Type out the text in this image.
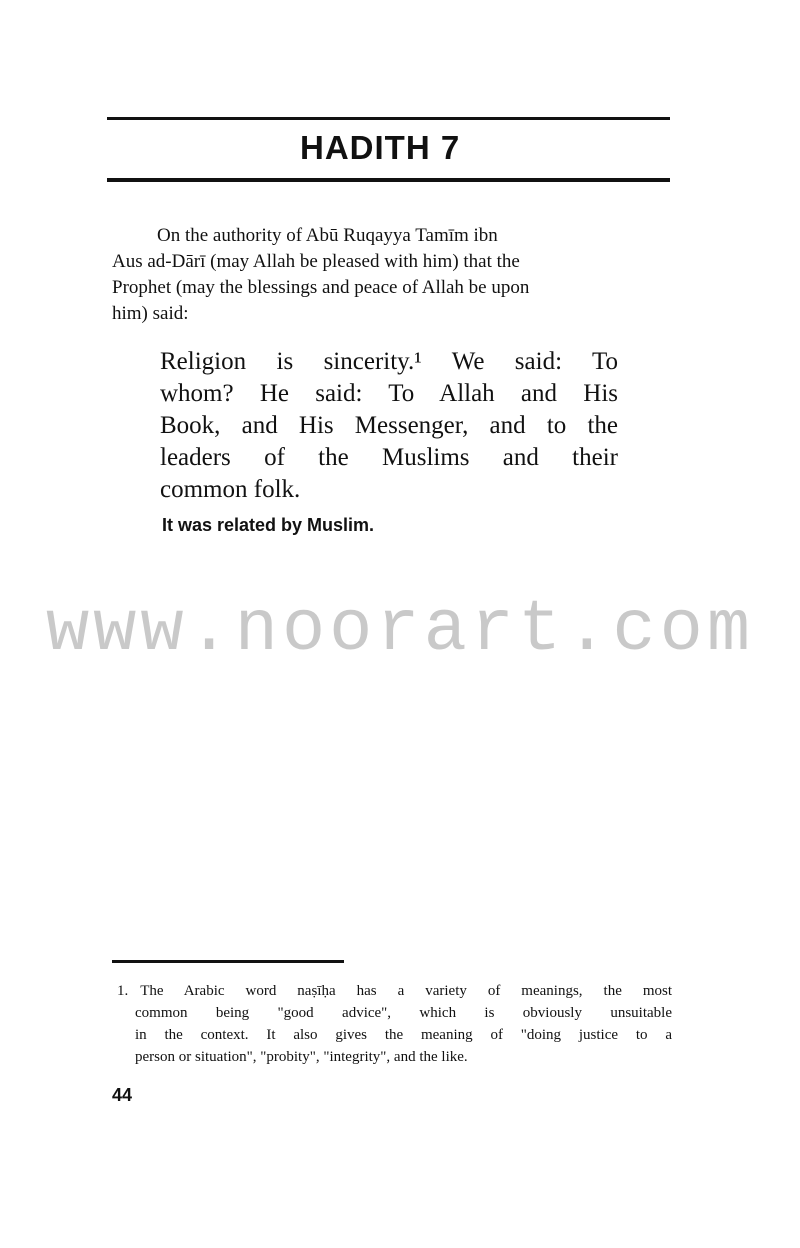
HADITH 7
On the authority of Abū Ruqayya Tamīm ibn
Aus ad-Dārī (may Allah be pleased with him) that the
Prophet (may the blessings and peace of Allah be upon
him) said:
Religion is sincerity.¹ We said: To
whom? He said: To Allah and His
Book, and His Messenger, and to the
leaders of the Muslims and their
common folk.
It was related by Muslim.
www.noorart.com
1. The Arabic word naṣīḥa has a variety of meanings, the most
common being "good advice", which is obviously unsuitable
in the context. It also gives the meaning of "doing justice to a
person or situation", "probity", "integrity", and the like.
44
